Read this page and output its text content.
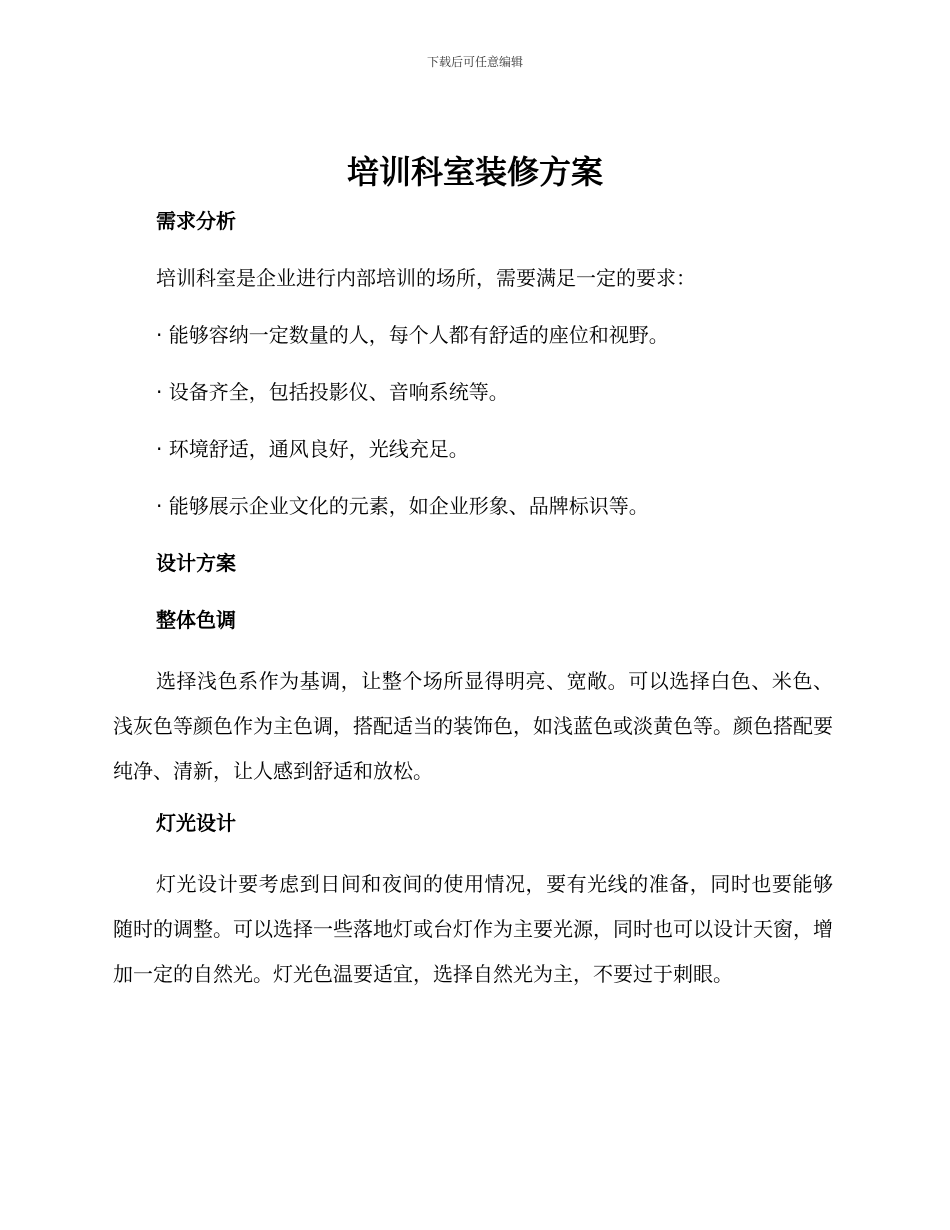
下载后可任意编辑
培训科室装修方案
需求分析
培训科室是企业进行内部培训的场所，需要满足一定的要求：
· 能够容纳一定数量的人，每个人都有舒适的座位和视野。
· 设备齐全，包括投影仪、音响系统等。
· 环境舒适，通风良好，光线充足。
· 能够展示企业文化的元素，如企业形象、品牌标识等。
设计方案
整体色调
选择浅色系作为基调，让整个场所显得明亮、宽敞。可以选择白色、米色、浅灰色等颜色作为主色调，搭配适当的装饰色，如浅蓝色或淡黄色等。颜色搭配要纯净、清新，让人感到舒适和放松。
灯光设计
灯光设计要考虑到日间和夜间的使用情况，要有光线的准备，同时也要能够随时的调整。可以选择一些落地灯或台灯作为主要光源，同时也可以设计天窗，增加一定的自然光。灯光色温要适宜，选择自然光为主，不要过于刺眼。
